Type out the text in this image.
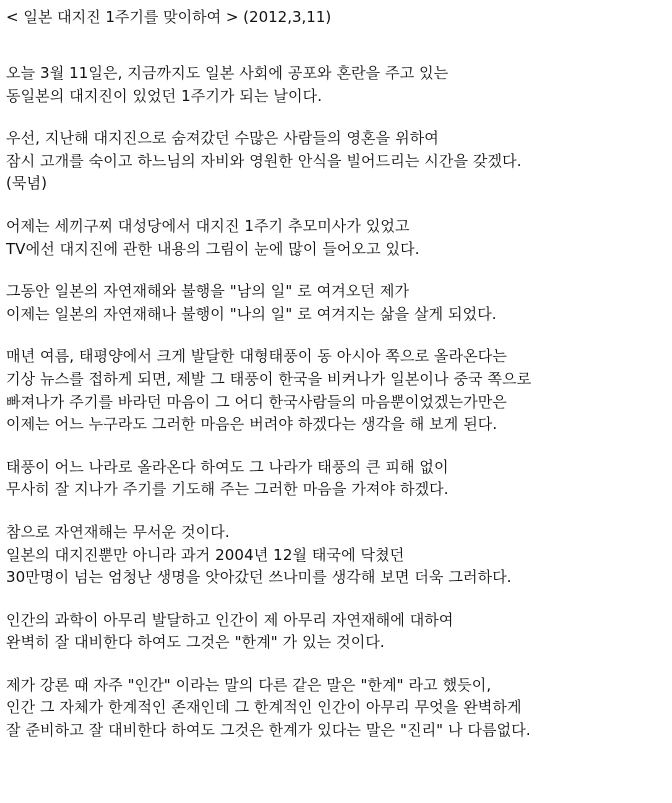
< 일본 대지진 1주기를 맞이하여 > (2012,3,11)
오늘 3월 11일은, 지금까지도 일본 사회에 공포와 혼란을 주고 있는
동일본의 대지진이 있었던 1주기가 되는 날이다.
우선, 지난해 대지진으로 숨져갔던 수많은 사람들의 영혼을 위하여
잠시 고개를 숙이고 하느님의 자비와 영원한 안식을 빌어드리는 시간을 갖겠다.
(묵념)
어제는 세끼구찌 대성당에서 대지진 1주기 추모미사가 있었고
TV에선 대지진에 관한 내용의 그림이 눈에 많이 들어오고 있다.
그동안 일본의 자연재해와 불행을 "남의 일" 로 여겨오던 제가
이제는 일본의 자연재해나 불행이 "나의 일" 로 여겨지는 삶을 살게 되었다.
매년 여름, 태평양에서 크게 발달한 대형태풍이 동 아시아 쪽으로 올라온다는
기상 뉴스를 접하게 되면, 제발 그 태풍이 한국을 비켜나가 일본이나 중국 쪽으로
빠져나가 주기를 바라던 마음이 그 어디 한국사람들의 마음뿐이었겠는가만은
이제는 어느 누구라도 그러한 마음은 버려야 하겠다는 생각을 해 보게 된다.
태풍이 어느 나라로 올라온다 하여도 그 나라가 태풍의 큰 피해 없이
무사히 잘 지나가 주기를 기도해 주는 그러한 마음을 가져야 하겠다.
참으로 자연재해는 무서운 것이다.
일본의 대지진뿐만 아니라 과거 2004년 12월 태국에 닥쳤던
30만명이 넘는 엄청난 생명을 앗아갔던 쓰나미를 생각해 보면 더욱 그러하다.
인간의 과학이 아무리 발달하고 인간이 제 아무리 자연재해에 대하여
완벽히 잘 대비한다 하여도 그것은 "한계" 가 있는 것이다.
제가 강론 때 자주 "인간" 이라는 말의 다른 같은 말은 "한계" 라고 했듯이,
인간 그 자체가 한계적인 존재인데 그 한계적인 인간이 아무리 무엇을 완벽하게
잘 준비하고 잘 대비한다 하여도 그것은 한계가 있다는 말은 "진리" 나 다름없다.
